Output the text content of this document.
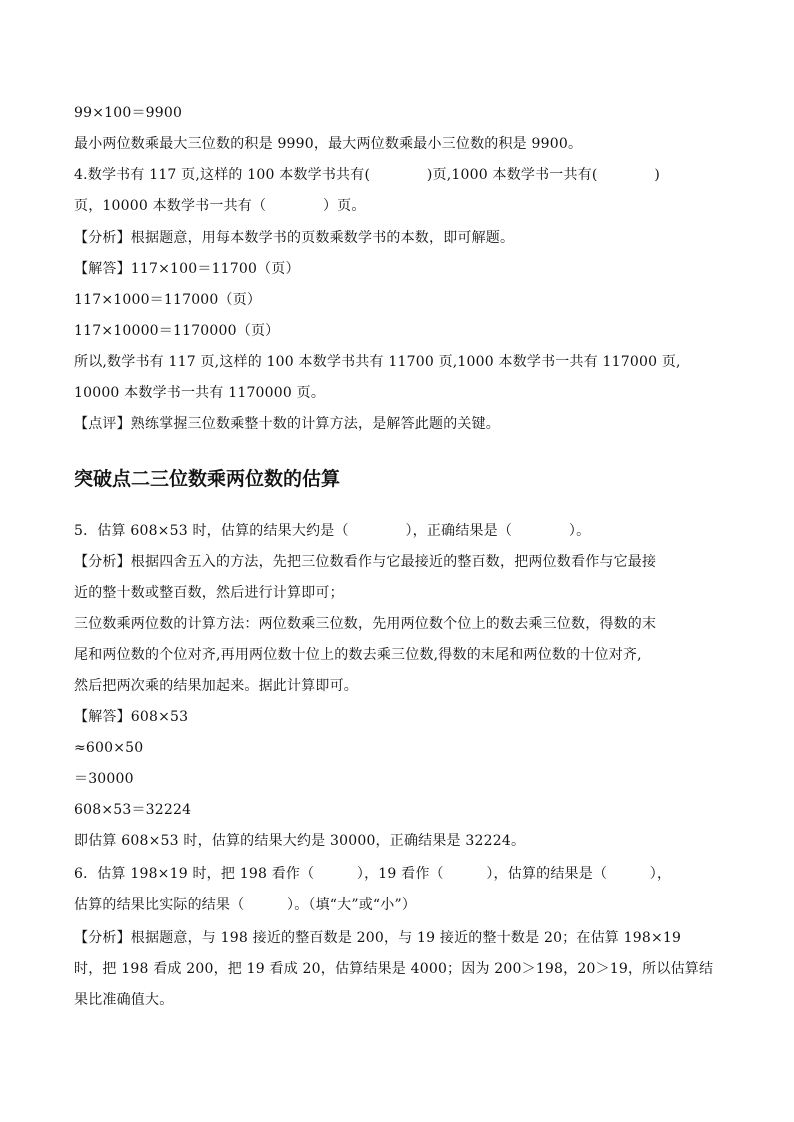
99×100＝9900
最小两位数乘最大三位数的积是 9990，最大两位数乘最小三位数的积是 9900。
4.数学书有 117 页,这样的 100 本数学书共有(　　　　)页,1000 本数学书一共有(　　　　)
页，10000 本数学书一共有（　　　　）页。
【分析】根据题意，用每本数学书的页数乘数学书的本数，即可解题。
【解答】117×100＝11700（页）
117×1000＝117000（页）
117×10000＝1170000（页）
所以,数学书有 117 页,这样的 100 本数学书共有 11700 页,1000 本数学书一共有 117000 页,
10000 本数学书一共有 1170000 页。
【点评】熟练掌握三位数乘整十数的计算方法，是解答此题的关键。
突破点二三位数乘两位数的估算
5．估算 608×53 时，估算的结果大约是（　　　　），正确结果是（　　　　）。
【分析】根据四舍五入的方法，先把三位数看作与它最接近的整百数，把两位数看作与它最接
近的整十数或整百数，然后进行计算即可；
三位数乘两位数的计算方法：两位数乘三位数，先用两位数个位上的数去乘三位数，得数的末
尾和两位数的个位对齐,再用两位数十位上的数去乘三位数,得数的末尾和两位数的十位对齐,
然后把两次乘的结果加起来。据此计算即可。
【解答】608×53
≈600×50
＝30000
608×53＝32224
即估算 608×53 时，估算的结果大约是 30000，正确结果是 32224。
6．估算 198×19 时，把 198 看作（　　　），19 看作（　　　），估算的结果是（　　　），
估算的结果比实际的结果（　　　）。（填“大”或“小”）
【分析】根据题意，与 198 接近的整百数是 200，与 19 接近的整十数是 20；在估算 198×19
时，把 198 看成 200，把 19 看成 20，估算结果是 4000；因为 200＞198，20＞19，所以估算结
果比准确值大。
